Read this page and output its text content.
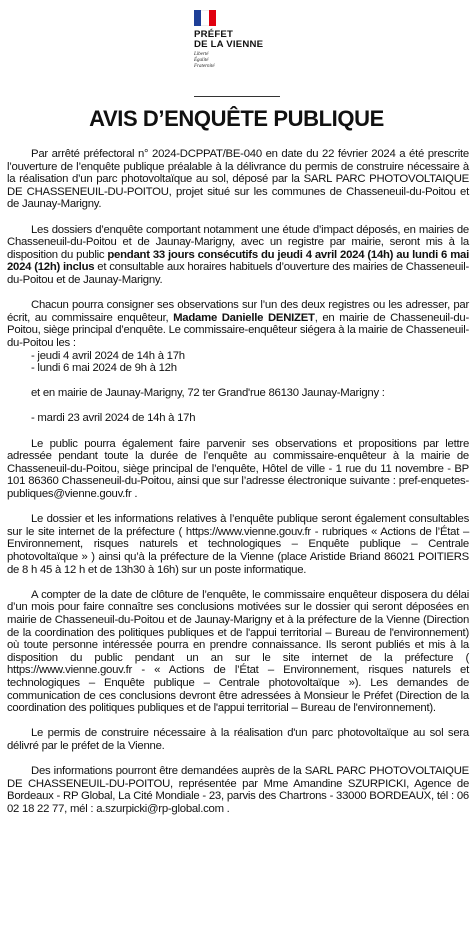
PRÉFET
DE LA VIENNE
Liberté
Égalité
Fraternité
AVIS D’ENQUÊTE PUBLIQUE

Par arrêté préfectoral n° 2024-DCPPAT/BE-040 en date du 22 février 2024 a été prescrite l’ouverture de l’enquête publique préalable à la délivrance du permis de construire nécessaire à la réalisation d’un parc photovoltaïque au sol, déposé par la SARL PARC PHOTOVOLTAIQUE DE CHASSENEUIL-DU-POITOU, projet situé sur les communes de Chasseneuil-du-Poitou et de Jaunay-Marigny.

Les dossiers d’enquête comportant notamment une étude d’impact déposés, en mairies de Chasseneuil-du-Poitou et de Jaunay-Marigny, avec un registre par mairie, seront mis à la disposition du public pendant 33 jours consécutifs du jeudi 4 avril 2024 (14h) au lundi 6 mai 2024 (12h) inclus et consultable aux horaires habituels d’ouverture des mairies de Chasseneuil-du-Poitou et de Jaunay-Marigny.

Chacun pourra consigner ses observations sur l’un des deux registres ou les adresser, par écrit, au commissaire enquêteur, Madame Danielle DENIZET, en mairie de Chasseneuil-du-Poitou, siège principal d’enquête. Le commissaire-enquêteur siégera à la mairie de Chasseneuil-du-Poitou les :

- jeudi 4 avril 2024 de 14h à 17h

- lundi 6 mai 2024 de 9h à 12h

et en mairie de Jaunay-Marigny, 72 ter Grand'rue 86130 Jaunay-Marigny :

- mardi 23 avril 2024 de 14h à 17h

Le public pourra également faire parvenir ses observations et propositions par lettre adressée pendant toute la durée de l’enquête au commissaire-enquêteur à la mairie de Chasseneuil-du-Poitou, siège principal de l’enquête, Hôtel de ville - 1 rue du 11 novembre - BP 101 86360 Chasseneuil-du-Poitou, ainsi que sur l’adresse électronique suivante : pref-enquetes-publiques@vienne.gouv.fr .

Le dossier et les informations relatives à l’enquête publique seront également consultables sur le site internet de la préfecture ( https://www.vienne.gouv.fr - rubriques « Actions de l’État – Environnement, risques naturels et technologiques – Enquête publique – Centrale photovoltaïque » ) ainsi qu’à la préfecture de la Vienne (place Aristide Briand 86021 POITIERS de 8 h 45 à 12 h et de 13h30 à 16h) sur un poste informatique.

A compter de la date de clôture de l’enquête, le commissaire enquêteur disposera du délai d’un mois pour faire connaître ses conclusions motivées sur le dossier qui seront déposées en mairie de Chasseneuil-du-Poitou et de Jaunay-Marigny et à la préfecture de la Vienne (Direction de la coordination des politiques publiques et de l'appui territorial – Bureau de l'environnement) où toute personne intéressée pourra en prendre connaissance. Ils seront publiés et mis à la disposition du public pendant un an sur le site internet de la préfecture ( https://www.vienne.gouv.fr - « Actions de l’État – Environnement, risques naturels et technologiques – Enquête publique – Centrale photovoltaïque »). Les demandes de communication de ces conclusions devront être adressées à Monsieur le Préfet (Direction de la coordination des politiques publiques et de l'appui territorial – Bureau de l'environnement).

Le permis de construire nécessaire à la réalisation d'un parc photovoltaïque au sol sera délivré par le préfet de la Vienne.

Des informations pourront être demandées auprès de la SARL PARC PHOTOVOLTAIQUE DE CHASSENEUIL-DU-POITOU, représentée par Mme Amandine SZURPICKI, Agence de Bordeaux - RP Global, La Cité Mondiale - 23, parvis des Chartrons - 33000 BORDEAUX, tél : 06 02 18 22 77, mél : a.szurpicki@rp-global.com .
